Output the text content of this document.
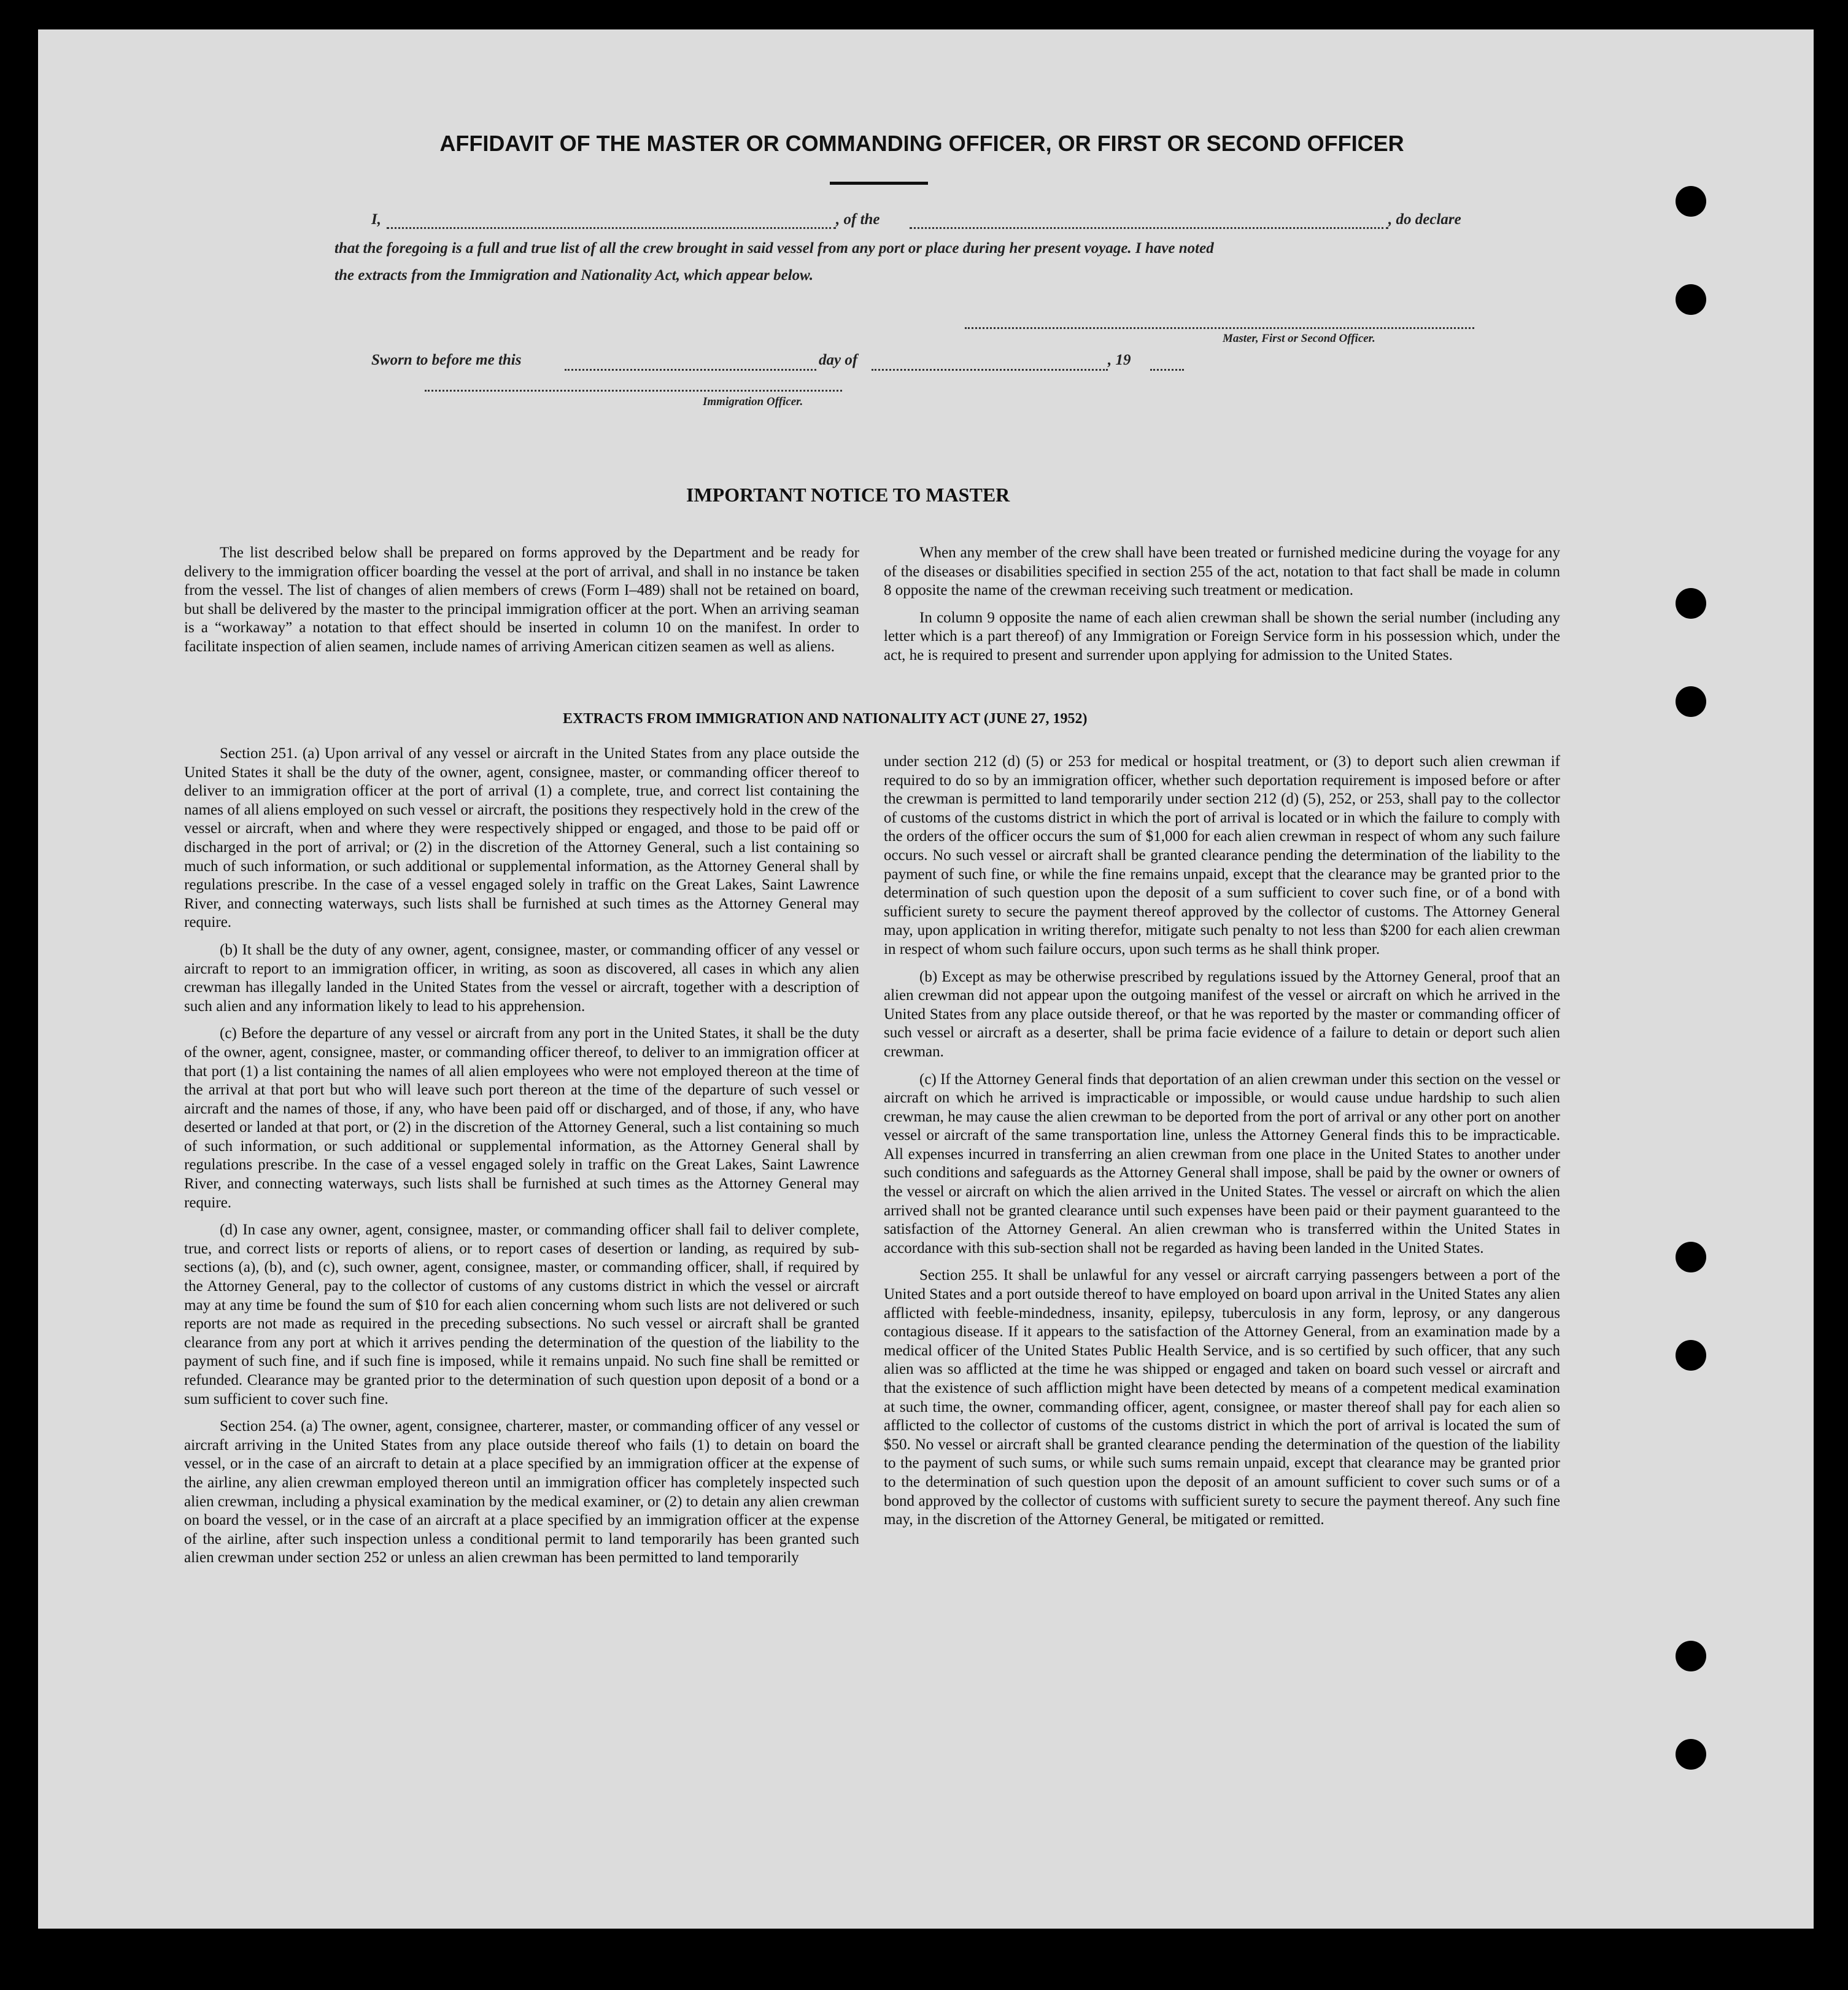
AFFIDAVIT OF THE MASTER OR COMMANDING OFFICER, OR FIRST OR SECOND OFFICER
I,	, of the	, do declare
that the foregoing is a full and true list of all the crew brought in said vessel from any port or place during her present voyage. I have noted
the extracts from the Immigration and Nationality Act, which appear below.
Master, First or Second Officer.
Sworn to before me this	day of	, 19
Immigration Officer.
IMPORTANT NOTICE TO MASTER

The list described below shall be prepared on forms approved by the Department and be ready for delivery to the immigration officer boarding the vessel at the port of arrival, and shall in no instance be taken from the vessel. The list of changes of alien members of crews (Form I–489) shall not be retained on board, but shall be delivered by the master to the principal immigration officer at the port. When an arriving seaman is a “workaway” a notation to that effect should be inserted in column 10 on the manifest. In order to facilitate inspection of alien seamen, include names of arriving American citizen seamen as well as aliens.

When any member of the crew shall have been treated or furnished medicine during the voyage for any of the diseases or disabilities specified in section 255 of the act, notation to that fact shall be made in column 8 opposite the name of the crewman receiving such treatment or medication.

In column 9 opposite the name of each alien crewman shall be shown the serial number (including any letter which is a part thereof) of any Immigration or Foreign Service form in his possession which, under the act, he is required to present and surrender upon applying for admission to the United States.

EXTRACTS FROM IMMIGRATION AND NATIONALITY ACT (JUNE 27, 1952)

Section 251. (a) Upon arrival of any vessel or aircraft in the United States from any place outside the United States it shall be the duty of the owner, agent, consignee, master, or commanding officer thereof to deliver to an immigration officer at the port of arrival (1) a complete, true, and correct list containing the names of all aliens employed on such vessel or aircraft, the positions they respectively hold in the crew of the vessel or aircraft, when and where they were respectively shipped or engaged, and those to be paid off or discharged in the port of arrival; or (2) in the discretion of the Attorney General, such a list containing so much of such information, or such additional or supplemental information, as the Attorney General shall by regulations prescribe. In the case of a vessel engaged solely in traffic on the Great Lakes, Saint Lawrence River, and connecting waterways, such lists shall be furnished at such times as the Attorney General may require.

(b) It shall be the duty of any owner, agent, consignee, master, or commanding officer of any vessel or aircraft to report to an immigration officer, in writing, as soon as discovered, all cases in which any alien crewman has illegally landed in the United States from the vessel or aircraft, together with a description of such alien and any information likely to lead to his apprehension.

(c) Before the departure of any vessel or aircraft from any port in the United States, it shall be the duty of the owner, agent, consignee, master, or commanding officer thereof, to deliver to an immigration officer at that port (1) a list containing the names of all alien employees who were not employed thereon at the time of the arrival at that port but who will leave such port thereon at the time of the departure of such vessel or aircraft and the names of those, if any, who have been paid off or discharged, and of those, if any, who have deserted or landed at that port, or (2) in the discretion of the Attorney General, such a list containing so much of such information, or such additional or supplemental information, as the Attorney General shall by regulations prescribe. In the case of a vessel engaged solely in traffic on the Great Lakes, Saint Lawrence River, and connecting waterways, such lists shall be furnished at such times as the Attorney General may require.

(d) In case any owner, agent, consignee, master, or commanding officer shall fail to deliver complete, true, and correct lists or reports of aliens, or to report cases of desertion or landing, as required by sub-sections (a), (b), and (c), such owner, agent, consignee, master, or commanding officer, shall, if required by the Attorney General, pay to the collector of customs of any customs district in which the vessel or aircraft may at any time be found the sum of $10 for each alien concerning whom such lists are not delivered or such reports are not made as required in the preceding subsections. No such vessel or aircraft shall be granted clearance from any port at which it arrives pending the determination of the question of the liability to the payment of such fine, and if such fine is imposed, while it remains unpaid. No such fine shall be remitted or refunded. Clearance may be granted prior to the determination of such question upon deposit of a bond or a sum sufficient to cover such fine.

Section 254. (a) The owner, agent, consignee, charterer, master, or commanding officer of any vessel or aircraft arriving in the United States from any place outside thereof who fails (1) to detain on board the vessel, or in the case of an aircraft to detain at a place specified by an immigration officer at the expense of the airline, any alien crewman employed thereon until an immigration officer has completely inspected such alien crewman, including a physical examination by the medical examiner, or (2) to detain any alien crewman on board the vessel, or in the case of an aircraft at a place specified by an immigration officer at the expense of the airline, after such inspection unless a conditional permit to land temporarily has been granted such alien crewman under section 252 or unless an alien crewman has been permitted to land temporarily

under section 212 (d) (5) or 253 for medical or hospital treatment, or (3) to deport such alien crewman if required to do so by an immigration officer, whether such deportation requirement is imposed before or after the crewman is permitted to land temporarily under section 212 (d) (5), 252, or 253, shall pay to the collector of customs of the customs district in which the port of arrival is located or in which the failure to comply with the orders of the officer occurs the sum of $1,000 for each alien crewman in respect of whom any such failure occurs. No such vessel or aircraft shall be granted clearance pending the determination of the liability to the payment of such fine, or while the fine remains unpaid, except that the clearance may be granted prior to the determination of such question upon the deposit of a sum sufficient to cover such fine, or of a bond with sufficient surety to secure the payment thereof approved by the collector of customs. The Attorney General may, upon application in writing therefor, mitigate such penalty to not less than $200 for each alien crewman in respect of whom such failure occurs, upon such terms as he shall think proper.

(b) Except as may be otherwise prescribed by regulations issued by the Attorney General, proof that an alien crewman did not appear upon the outgoing manifest of the vessel or aircraft on which he arrived in the United States from any place outside thereof, or that he was reported by the master or commanding officer of such vessel or aircraft as a deserter, shall be prima facie evidence of a failure to detain or deport such alien crewman.

(c) If the Attorney General finds that deportation of an alien crewman under this section on the vessel or aircraft on which he arrived is impracticable or impossible, or would cause undue hardship to such alien crewman, he may cause the alien crewman to be deported from the port of arrival or any other port on another vessel or aircraft of the same transportation line, unless the Attorney General finds this to be impracticable. All expenses incurred in transferring an alien crewman from one place in the United States to another under such conditions and safeguards as the Attorney General shall impose, shall be paid by the owner or owners of the vessel or aircraft on which the alien arrived in the United States. The vessel or aircraft on which the alien arrived shall not be granted clearance until such expenses have been paid or their payment guaranteed to the satisfaction of the Attorney General. An alien crewman who is transferred within the United States in accordance with this sub-section shall not be regarded as having been landed in the United States.

Section 255. It shall be unlawful for any vessel or aircraft carrying passengers between a port of the United States and a port outside thereof to have employed on board upon arrival in the United States any alien afflicted with feeble-mindedness, insanity, epilepsy, tuberculosis in any form, leprosy, or any dangerous contagious disease. If it appears to the satisfaction of the Attorney General, from an examination made by a medical officer of the United States Public Health Service, and is so certified by such officer, that any such alien was so afflicted at the time he was shipped or engaged and taken on board such vessel or aircraft and that the existence of such affliction might have been detected by means of a competent medical examination at such time, the owner, commanding officer, agent, consignee, or master thereof shall pay for each alien so afflicted to the collector of customs of the customs district in which the port of arrival is located the sum of $50. No vessel or aircraft shall be granted clearance pending the determination of the question of the liability to the payment of such sums, or while such sums remain unpaid, except that clearance may be granted prior to the determination of such question upon the deposit of an amount sufficient to cover such sums or of a bond approved by the collector of customs with sufficient surety to secure the payment thereof. Any such fine may, in the discretion of the Attorney General, be mitigated or remitted.
